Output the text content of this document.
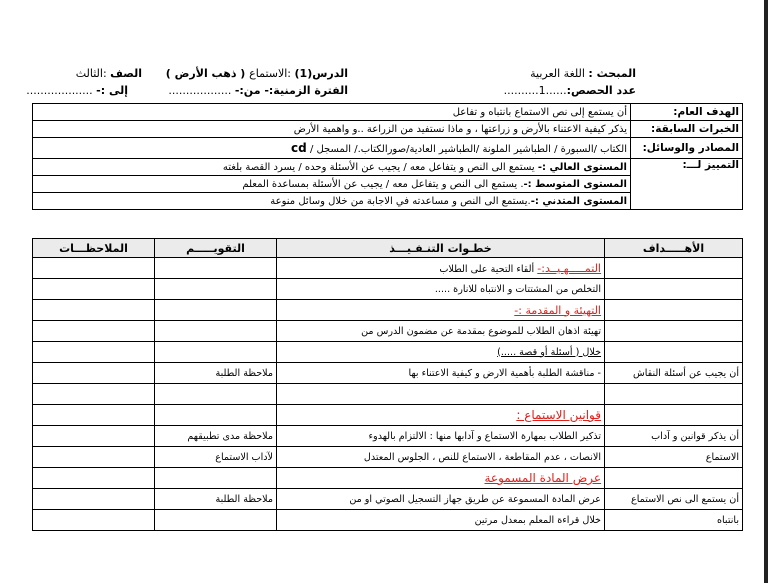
المبحث : اللغة العربية
الدرس(1) :الاستماع ( ذهب الأرض )
الصف :الثالث
عدد الحصص:......1..........
الفترة الزمنية:- من:- ..................
إلى :- ...................
الهدف العام:	أن يستمع إلى نص الاستماع بانتباه و تفاعل
الخبرات السابقة:	يذكر كيفية الاعتناء بالأرض و زراعتها ، و ماذا نستفيد من الزراعة ..و واهمية الأرض
المصادر والوسائل:	الكتاب /السبورة / الطباشير الملونة /الطباشير العادية/صورالكتاب./ المسجل / cd
التمييز لـــ:	المستوى العالي :- يستمع الى النص و يتفاعل معه / يجيب عن الأسئلة وحده / يسرد القصة بلغته
	المستوى المتوسط :-. يستمع الى النص و يتفاعل معه / يجيب عن الأسئلة بمساعدة المعلم
	المستوى المتدني :-.يستمع الى النص و مساعدته في الاجابة من خلال وسائل منوعة
الأهـــــداف	خطـوات التنـفـيـــذ	التقويـــــم	الملاحظـــات
	التمـــــهـيــد:- ألقاء التحية على الطلاب		
	التخلص من المشتتات و الانتباه للانارة .....		
	التهيئة و المقدمة :-		
	تهيئة اذهان الطلاب للموضوع بمقدمة عن مضمون الدرس من		
	خلال ( أسئلة أو قصة .....)		
أن يجيب عن أسئلة النقاش	- مناقشة الطلبة بأهمية الارض و كيفية الاعتناء بها	ملاحظة الطلبة	

	قوانين الاستماع :		
أن يذكر قوانين و آداب	تذكير الطلاب بمهارة الاستماع و آدابها منها : الالتزام بالهدوء	ملاحظة مدى تطبيقهم	
الاستماع	الانصات ، عدم المقاطعة ، الاستماع للنص ، الجلوس المعتدل	لآداب الاستماع	
	عرض المادة المسموعة		
أن يستمع الى نص الاستماع	عرض المادة المسموعة عن طريق جهاز التسجيل الصوتي او من	ملاحظة الطلبة	
بانتباه	خلال قراءة المعلم بمعدل مرتين		
